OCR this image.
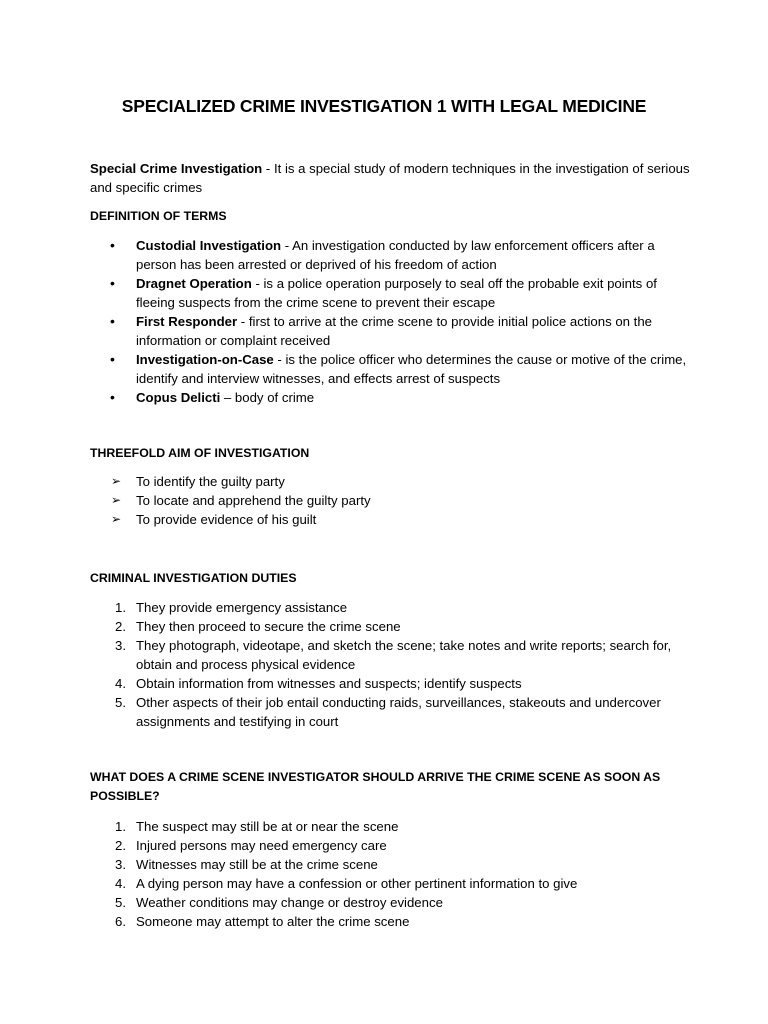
SPECIALIZED CRIME INVESTIGATION 1 WITH LEGAL MEDICINE
Special Crime Investigation - It is a special study of modern techniques in the investigation of serious and specific crimes
DEFINITION OF TERMS
• Custodial Investigation - An investigation conducted by law enforcement officers after a person has been arrested or deprived of his freedom of action
• Dragnet Operation - is a police operation purposely to seal off the probable exit points of fleeing suspects from the crime scene to prevent their escape
• First Responder - first to arrive at the crime scene to provide initial police actions on the information or complaint received
• Investigation-on-Case - is the police officer who determines the cause or motive of the crime, identify and interview witnesses, and effects arrest of suspects
• Copus Delicti – body of crime
THREEFOLD AIM OF INVESTIGATION
➢ To identify the guilty party
➢ To locate and apprehend the guilty party
➢ To provide evidence of his guilt
CRIMINAL INVESTIGATION DUTIES
1. They provide emergency assistance
2. They then proceed to secure the crime scene
3. They photograph, videotape, and sketch the scene; take notes and write reports; search for, obtain and process physical evidence
4. Obtain information from witnesses and suspects; identify suspects
5. Other aspects of their job entail conducting raids, surveillances, stakeouts and undercover assignments and testifying in court
WHAT DOES A CRIME SCENE INVESTIGATOR SHOULD ARRIVE THE CRIME SCENE AS SOON AS POSSIBLE?
1. The suspect may still be at or near the scene
2. Injured persons may need emergency care
3. Witnesses may still be at the crime scene
4. A dying person may have a confession or other pertinent information to give
5. Weather conditions may change or destroy evidence
6. Someone may attempt to alter the crime scene
